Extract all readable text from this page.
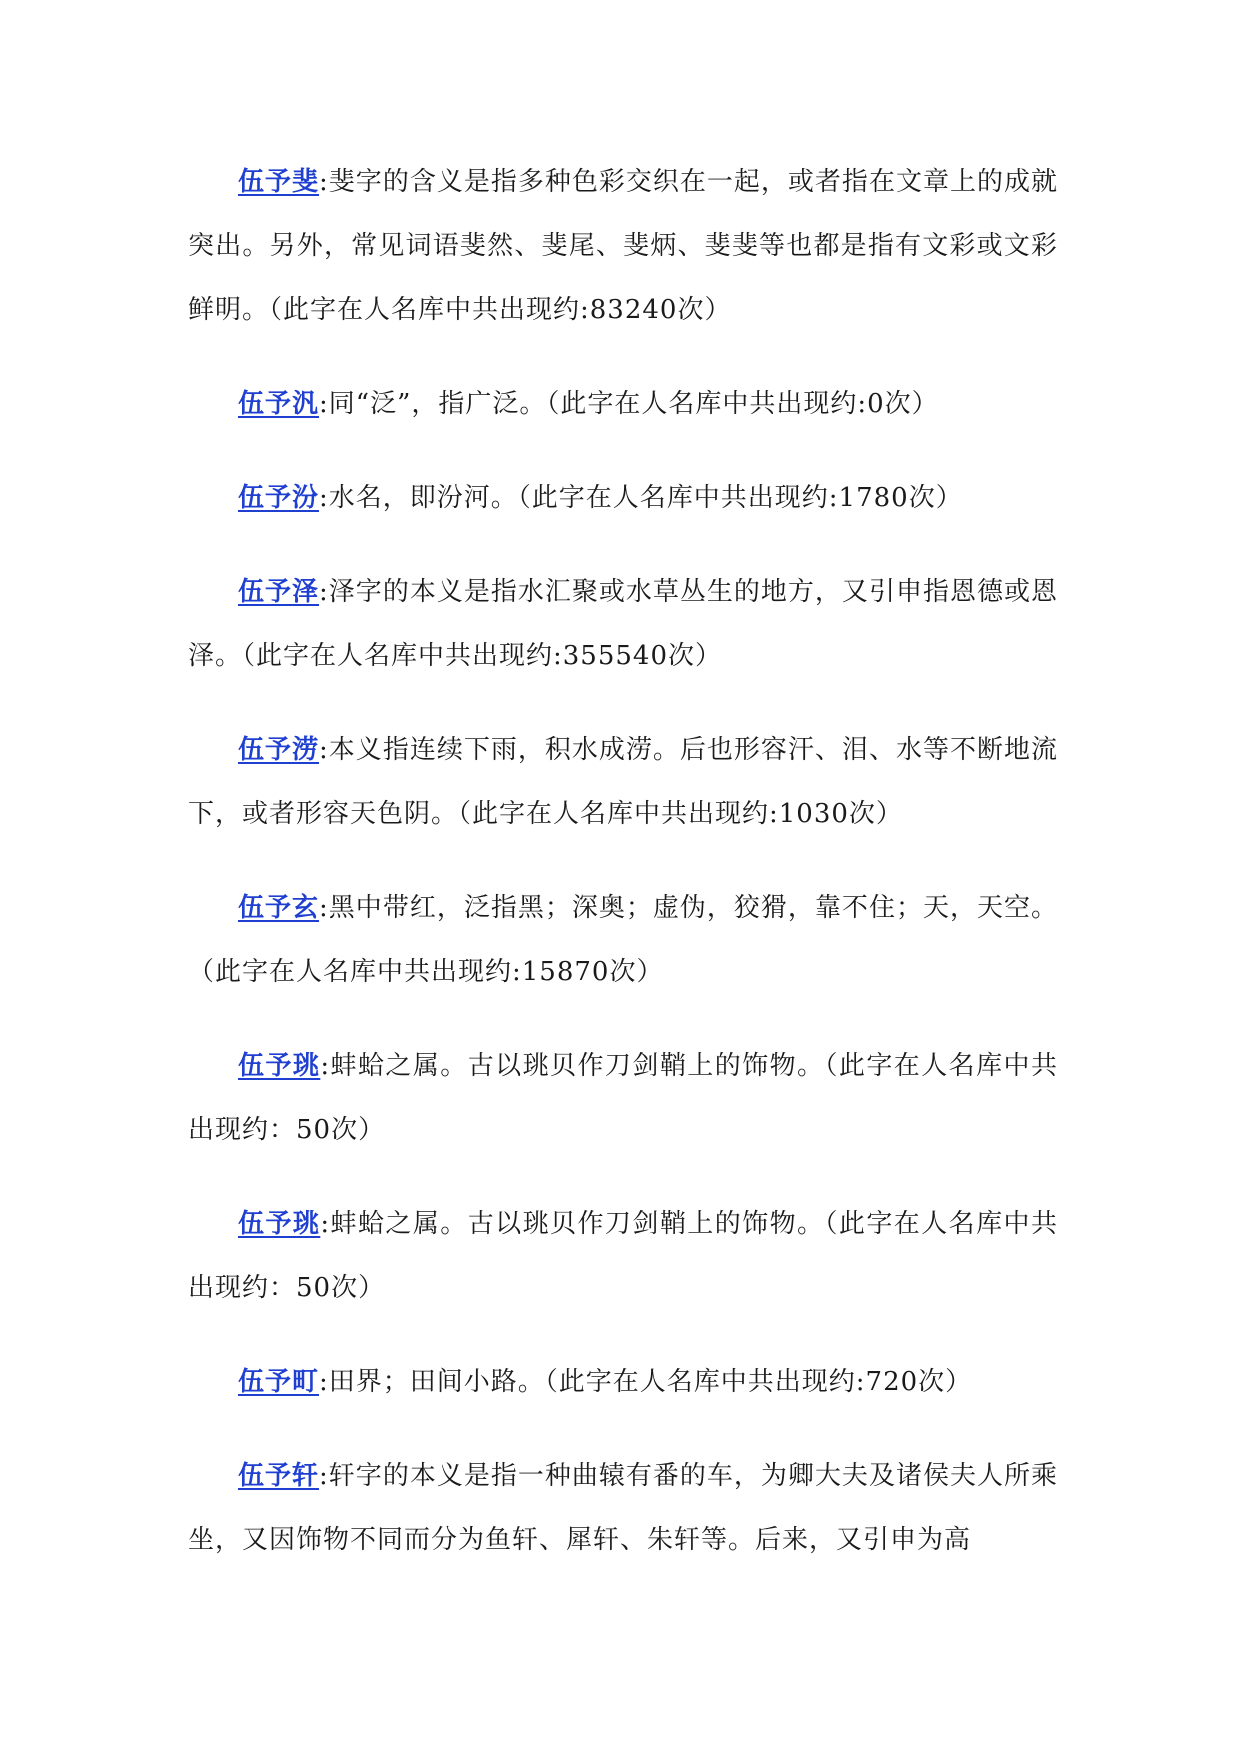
伍予斐:斐字的含义是指多种色彩交织在一起，或者指在文章上的成就突出。另外，常见词语斐然、斐尾、斐炳、斐斐等也都是指有文彩或文彩鲜明。（此字在人名库中共出现约:83240次）

伍予汎:同“泛”，指广泛。（此字在人名库中共出现约:0次）

伍予汾:水名，即汾河。（此字在人名库中共出现约:1780次）

伍予泽:泽字的本义是指水汇聚或水草丛生的地方，又引申指恩德或恩泽。（此字在人名库中共出现约:355540次）

伍予涝:本义指连续下雨，积水成涝。后也形容汗、泪、水等不断地流下，或者形容天色阴。（此字在人名库中共出现约:1030次）

伍予玄:黑中带红，泛指黑；深奥；虚伪，狡猾，靠不住；天，天空。（此字在人名库中共出现约:15870次）

伍予珧:蚌蛤之属。古以珧贝作刀剑鞘上的饰物。（此字在人名库中共出现约：50次）

伍予珧:蚌蛤之属。古以珧贝作刀剑鞘上的饰物。（此字在人名库中共出现约：50次）

伍予町:田界；田间小路。（此字在人名库中共出现约:720次）

伍予轩:轩字的本义是指一种曲辕有番的车，为卿大夫及诸侯夫人所乘坐，又因饰物不同而分为鱼轩、犀轩、朱轩等。后来，又引申为高
